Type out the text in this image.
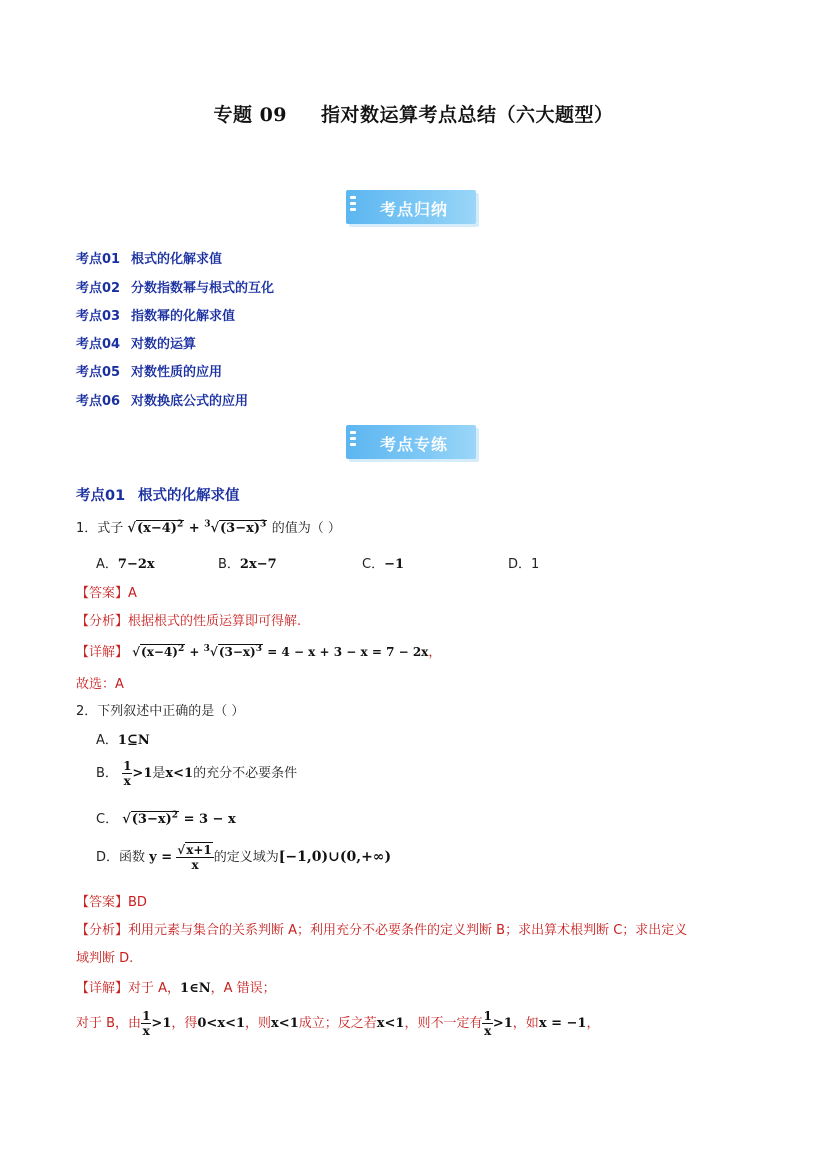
专题 09 指对数运算考点总结（六大题型）
考点归纳
考点01 根式的化解求值
考点02 分数指数幂与根式的互化
考点03 指数幂的化解求值
考点04 对数的运算
考点05 对数性质的应用
考点06 对数换底公式的应用
考点专练
考点01 根式的化解求值
1．式子 $√(x-4)^2 + ^3√(3-x)^3$ 的值为（ ）
A．7−2x	B．2x−7	C．−1	D．1
【答案】A
【分析】根据根式的性质运算即可得解.
【详解】 $√(x-4)^2 + ^3√(3-x)^3 = 4 - x + 3 - x = 7 - 2x$，
故选：A
2．下列叙述中正确的是（ ）
A．1⊆N
B． $\frac{1}{x} >1$是x<1的充分不必要条件
C． $√(3-x)^2 = 3 - x$
D．函数 $y = \frac{√x+1}{x}$ 的定义域为[−1,0)∪(0,+∞)
【答案】BD
【分析】利用元素与集合的关系判断 A；利用充分不必要条件的定义判断 B；求出算术根判断 C；求出定义
域判断 D.
【详解】对于 A，1∈N，A 错误；
对于 B，由 $\frac{1}{x} >1$，得0<x<1，则x<1成立；反之若x<1，则不一定有 $\frac{1}{x} >1$，如x = −1，
